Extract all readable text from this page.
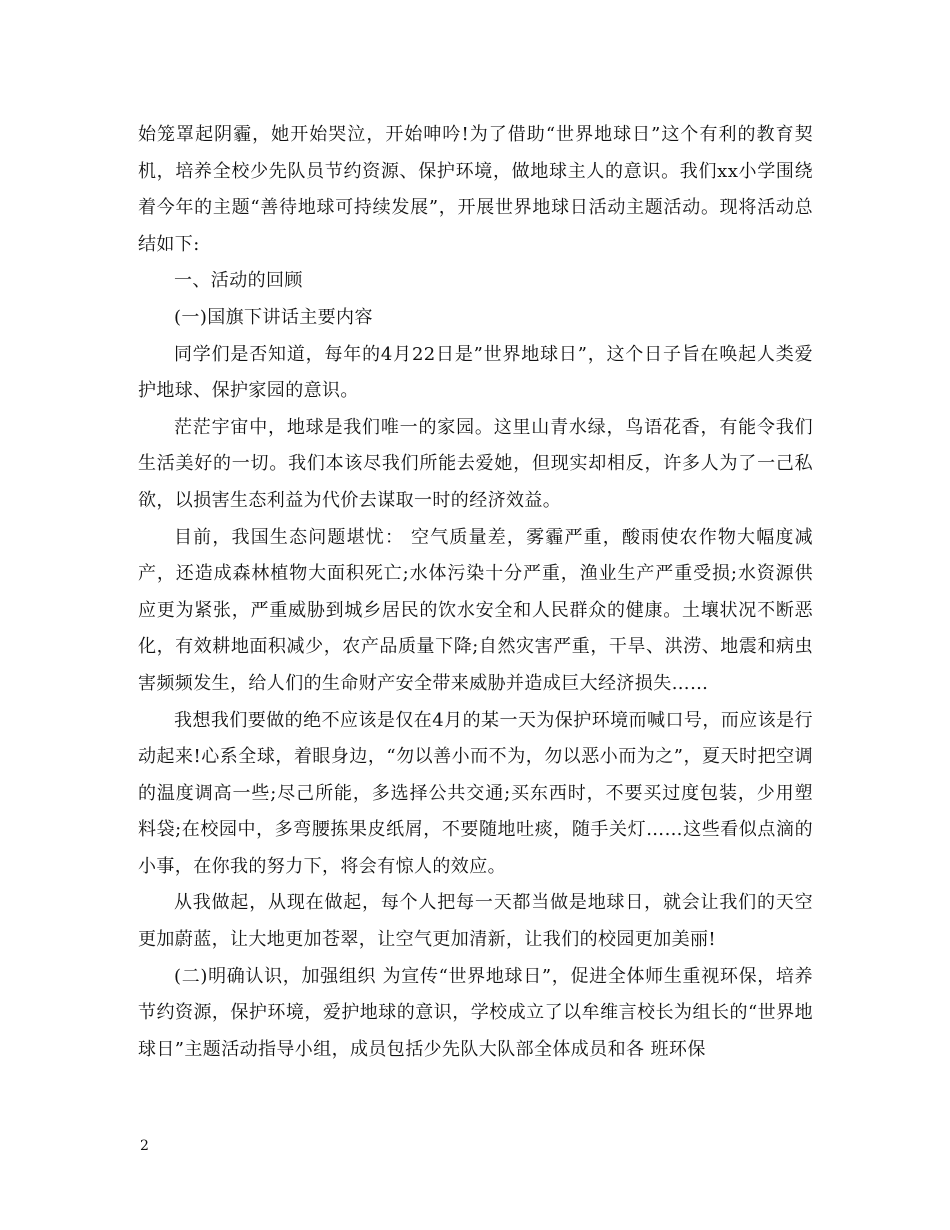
始笼罩起阴霾，她开始哭泣，开始呻吟!为了借助“世界地球日”这个有利的教育契机，培养全校少先队员节约资源、保护环境，做地球主人的意识。我们xx小学围绕着今年的主题“善待地球可持续发展”，开展世界地球日活动主题活动。现将活动总结如下:

一、活动的回顾

(一)国旗下讲话主要内容

同学们是否知道，每年的4月22日是”世界地球日”，这个日子旨在唤起人类爱护地球、保护家园的意识。

茫茫宇宙中，地球是我们唯一的家园。这里山青水绿，鸟语花香，有能令我们生活美好的一切。我们本该尽我们所能去爱她，但现实却相反，许多人为了一己私欲，以损害生态利益为代价去谋取一时的经济效益。

目前，我国生态问题堪忧： 空气质量差，雾霾严重，酸雨使农作物大幅度减产，还造成森林植物大面积死亡;水体污染十分严重，渔业生产严重受损;水资源供应更为紧张，严重威胁到城乡居民的饮水安全和人民群众的健康。土壤状况不断恶化，有效耕地面积减少，农产品质量下降;自然灾害严重，干旱、洪涝、地震和病虫害频频发生，给人们的生命财产安全带来威胁并造成巨大经济损失……

我想我们要做的绝不应该是仅在4月的某一天为保护环境而喊口号，而应该是行动起来!心系全球，着眼身边，“勿以善小而不为，勿以恶小而为之”，夏天时把空调的温度调高一些;尽己所能，多选择公共交通;买东西时，不要买过度包装，少用塑料袋;在校园中，多弯腰拣果皮纸屑，不要随地吐痰，随手关灯……这些看似点滴的小事，在你我的努力下，将会有惊人的效应。

从我做起，从现在做起，每个人把每一天都当做是地球日，就会让我们的天空更加蔚蓝，让大地更加苍翠，让空气更加清新，让我们的校园更加美丽!

(二)明确认识，加强组织 为宣传“世界地球日”，促进全体师生重视环保，培养节约资源，保护环境，爱护地球的意识，学校成立了以牟维言校长为组长的“世界地球日”主题活动指导小组，成员包括少先队大队部全体成员和各 班环保

2
